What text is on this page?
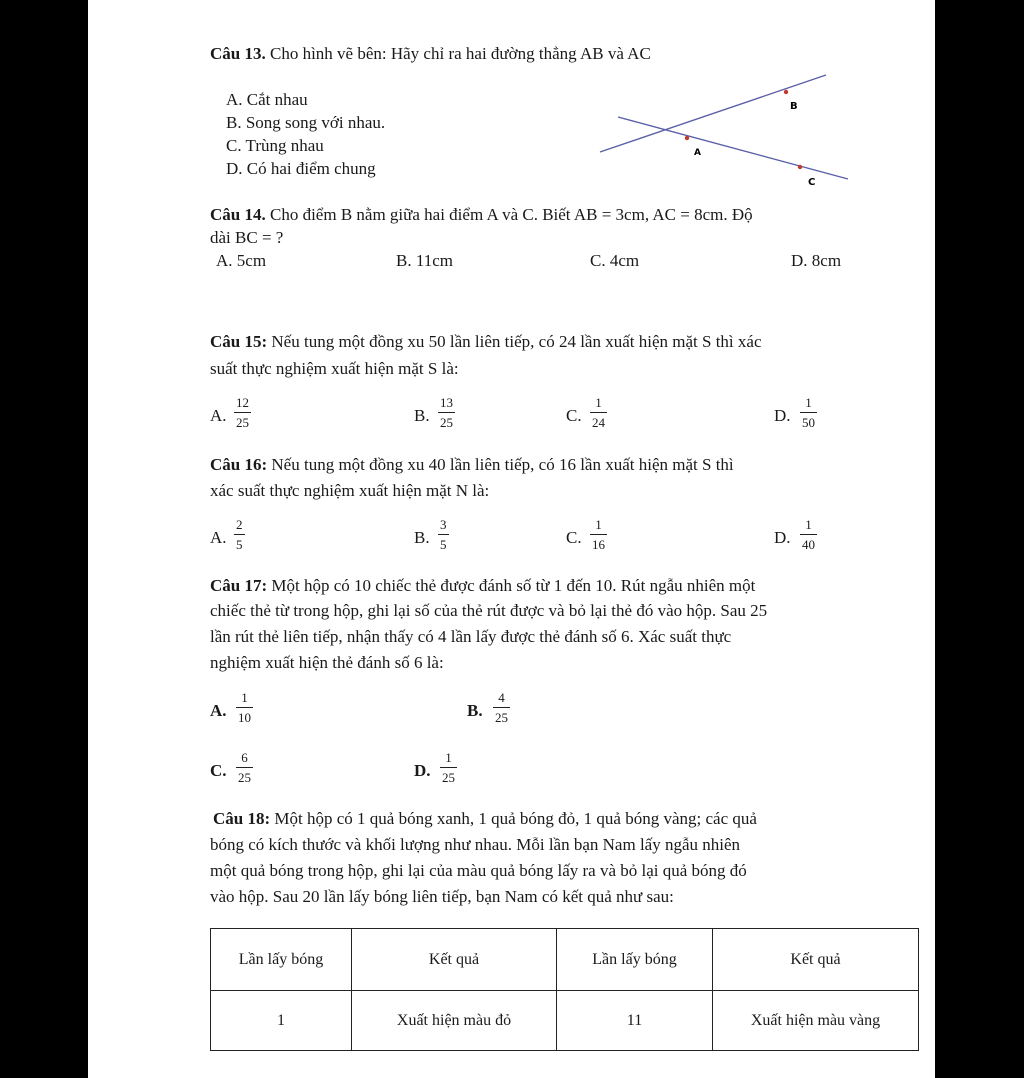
Câu 13. Cho hình vẽ bên: Hãy chỉ ra hai đường thẳng AB và AC
A. Cắt nhau
B. Song song với nhau.
C. Trùng nhau
D. Có hai điểm chung
B
A
C
Câu 14. Cho điểm B nằm giữa hai điểm A và C. Biết AB = 3cm, AC = 8cm. Độ
dài BC = ?
A. 5cm	B. 11cm	C. 4cm	D. 8cm
Câu 15: Nếu tung một đồng xu 50 lần liên tiếp, có 24 lần xuất hiện mặt S thì xác
suất thực nghiệm xuất hiện mặt S là:
A.
12
25	B.
13
25	C.
1
24	D.
1
50
Câu 16: Nếu tung một đồng xu 40 lần liên tiếp, có 16 lần xuất hiện mặt S thì
xác suất thực nghiệm xuất hiện mặt N là:
A.
2
5	B.
3
5	C.
1
16	D.
1
40
Câu 17: Một hộp có 10 chiếc thẻ được đánh số từ 1 đến 10. Rút ngẫu nhiên một
chiếc thẻ từ trong hộp, ghi lại số của thẻ rút được và bỏ lại thẻ đó vào hộp. Sau 25
lần rút thẻ liên tiếp, nhận thấy có 4 lần lấy được thẻ đánh số 6. Xác suất thực
nghiệm xuất hiện thẻ đánh số 6 là:
A.
1
10	B.
4
25
C.
6
25	D.
1
25
Câu 18: Một hộp có 1 quả bóng xanh, 1 quả bóng đỏ, 1 quả bóng vàng; các quả
bóng có kích thước và khối lượng như nhau. Mỗi lần bạn Nam lấy ngẫu nhiên
một quả bóng trong hộp, ghi lại của màu quả bóng lấy ra và bỏ lại quả bóng đó
vào hộp. Sau 20 lần lấy bóng liên tiếp, bạn Nam có kết quả như sau:
Lần lấy bóng	Kết quả	Lần lấy bóng	Kết quả
1	Xuất hiện màu đỏ	11	Xuất hiện màu vàng
